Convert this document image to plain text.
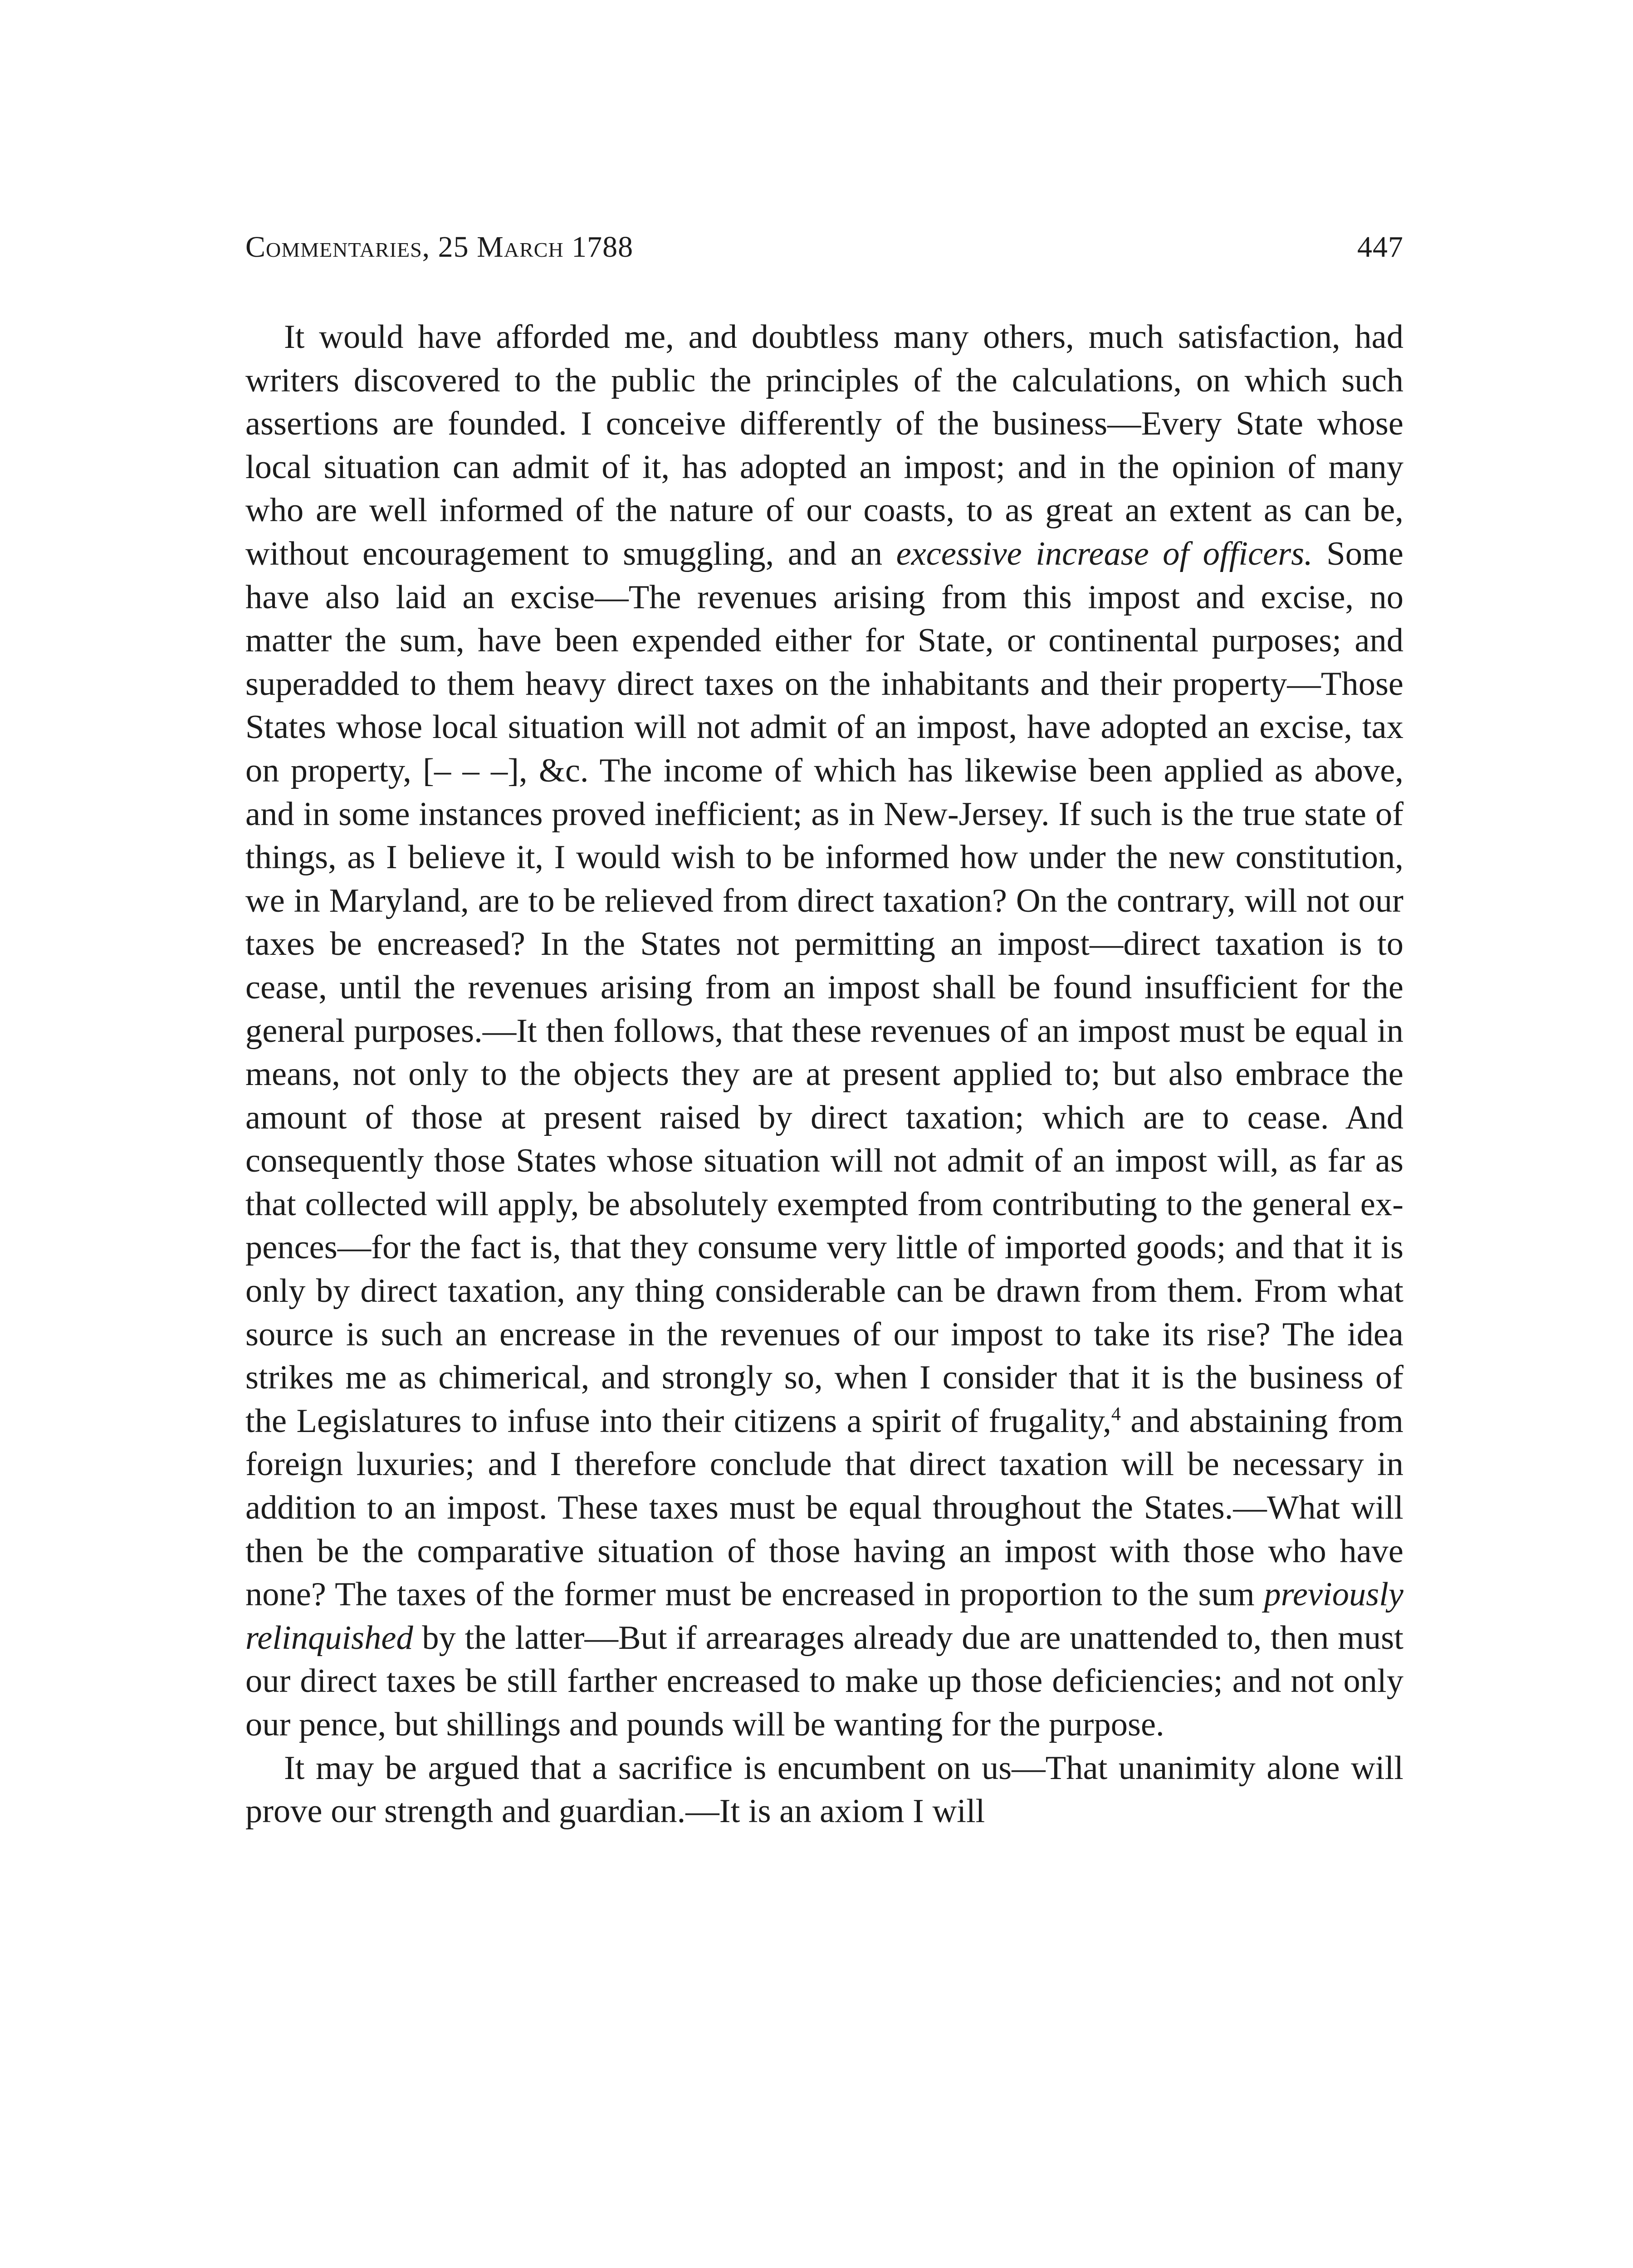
Commentaries, 25 March 1788	447

It would have afforded me, and doubtless many others, much satisfaction, had writers discovered to the public the principles of the calculations, on which such assertions are founded. I conceive differently of the business—Every State whose local situation can admit of it, has adopted an impost; and in the opinion of many who are well informed of the nature of our coasts, to as great an extent as can be, without encouragement to smuggling, and an excessive increase of officers. Some have also laid an excise—The revenues arising from this impost and excise, no matter the sum, have been expended either for State, or continental purposes; and superadded to them heavy direct taxes on the inhabitants and their property—Those States whose local situation will not admit of an impost, have adopted an excise, tax on property, [– – –], &c. The income of which has likewise been applied as above, and in some instances proved inefficient; as in New-Jersey. If such is the true state of things, as I believe it, I would wish to be informed how under the new constitution, we in Maryland, are to be relieved from direct taxation? On the contrary, will not our taxes be encreased? In the States not permitting an impost—direct taxation is to cease, until the revenues arising from an impost shall be found insufficient for the general purposes.—It then follows, that these revenues of an impost must be equal in means, not only to the objects they are at present applied to; but also embrace the amount of those at present raised by direct taxation; which are to cease. And consequently those States whose situation will not admit of an impost will, as far as that collected will apply, be absolutely exempted from contributing to the general expences—for the fact is, that they consume very little of imported goods; and that it is only by direct taxation, any thing considerable can be drawn from them. From what source is such an encrease in the revenues of our impost to take its rise? The idea strikes me as chimerical, and strongly so, when I consider that it is the business of the Legislatures to infuse into their citizens a spirit of frugality,$^4$ and abstaining from foreign luxuries; and I therefore conclude that direct taxation will be necessary in addition to an impost. These taxes must be equal throughout the States.—What will then be the comparative situation of those having an impost with those who have none? The taxes of the former must be encreased in proportion to the sum previously relinquished by the latter—But if arrearages already due are unattended to, then must our direct taxes be still farther encreased to make up those deficiencies; and not only our pence, but shillings and pounds will be wanting for the purpose.

It may be argued that a sacrifice is encumbent on us—That unanimity alone will prove our strength and guardian.—It is an axiom I will
